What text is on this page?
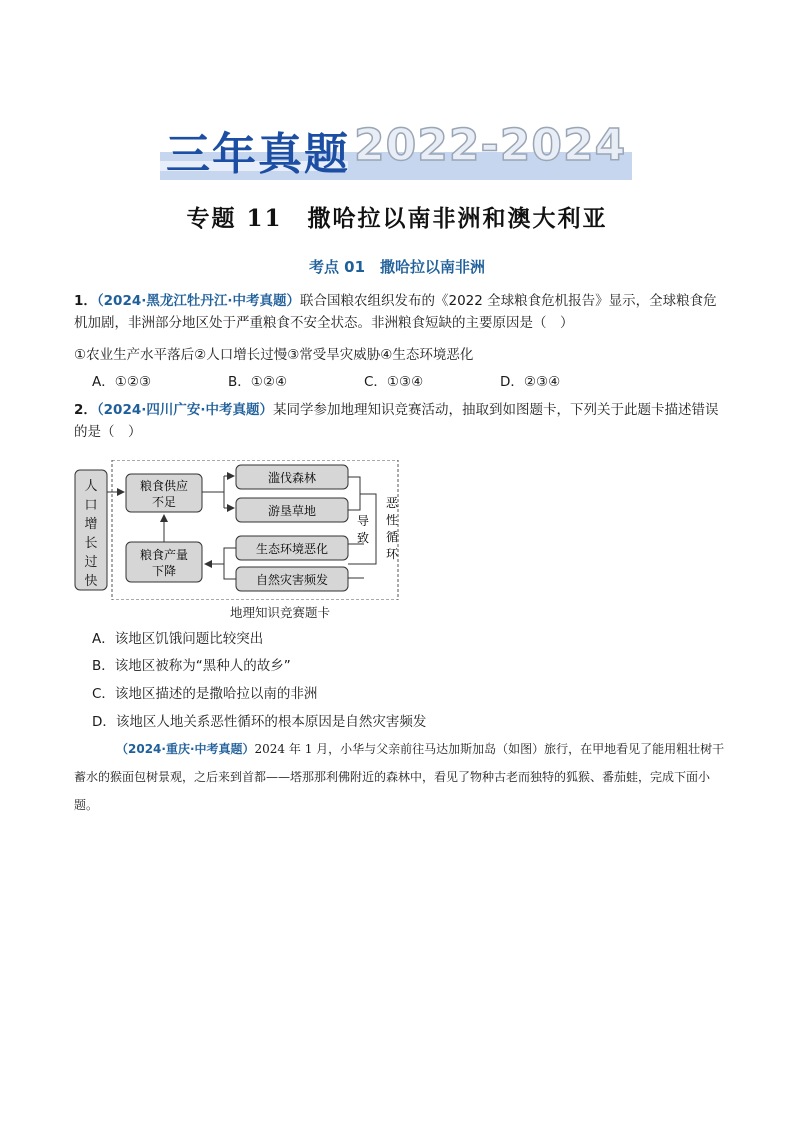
三年真题 2022-2024
专题 11　撒哈拉以南非洲和澳大利亚
考点 01　撒哈拉以南非洲
1．（2024·黑龙江牡丹江·中考真题）联合国粮农组织发布的《2022 全球粮食危机报告》显示，全球粮食危机加剧，非洲部分地区处于严重粮食不安全状态。非洲粮食短缺的主要原因是（　）
①农业生产水平落后②人口增长过慢③常受旱灾威胁④生态环境恶化
A．①②③	B．①②④	C．①③④	D．②③④
2．（2024·四川广安·中考真题）某同学参加地理知识竞赛活动，抽取到如图题卡，下列关于此题卡描述错误的是（　）
人
口
增
长
过
快
粮食供应
不足
滥伐森林
游垦草地
导
致
生态环境恶化
自然灾害频发
粮食产量
下降
恶
性
循
环
地理知识竞赛题卡
A．该地区饥饿问题比较突出
B．该地区被称为“黑种人的故乡”
C．该地区描述的是撒哈拉以南的非洲
D．该地区人地关系恶性循环的根本原因是自然灾害频发
（2024·重庆·中考真题）2024 年 1 月，小华与父亲前往马达加斯加岛（如图）旅行，在甲地看见了能用粗壮树干蓄水的猴面包树景观，之后来到首都——塔那那利佛附近的森林中，看见了物种古老而独特的狐猴、番茄蛙，完成下面小题。
